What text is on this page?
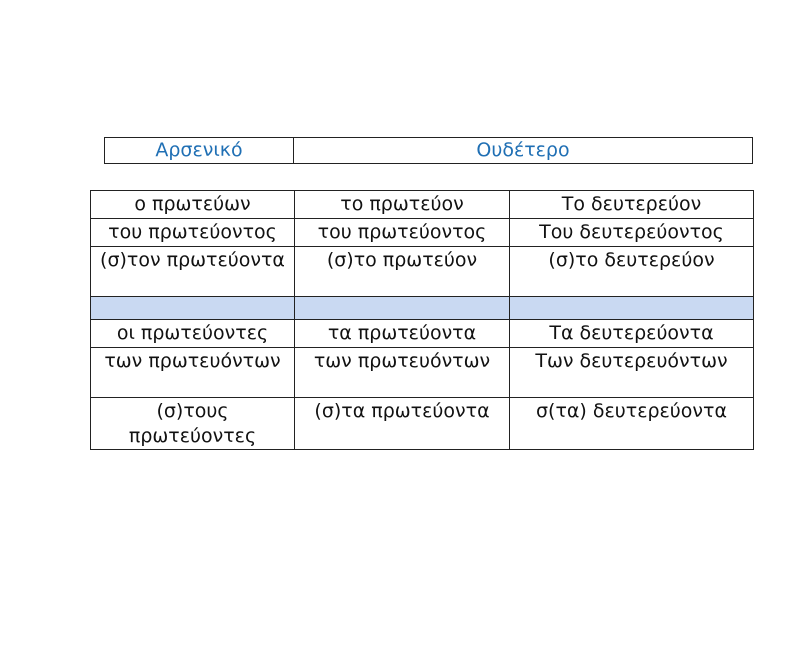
Αρσενικό	Ουδέτερο
ο πρωτεύων	το πρωτεύον	Το δευτερεύον
του πρωτεύοντος	του πρωτεύοντος	Του δευτερεύοντος
(σ)τον πρωτεύοντα	(σ)το πρωτεύον	(σ)το δευτερεύον

οι πρωτεύοντες	τα πρωτεύοντα	Τα δευτερεύοντα
των πρωτευόντων	των πρωτευόντων	Των δευτερευόντων
(σ)τους πρωτεύοντες	(σ)τα πρωτεύοντα	σ(τα) δευτερεύοντα
